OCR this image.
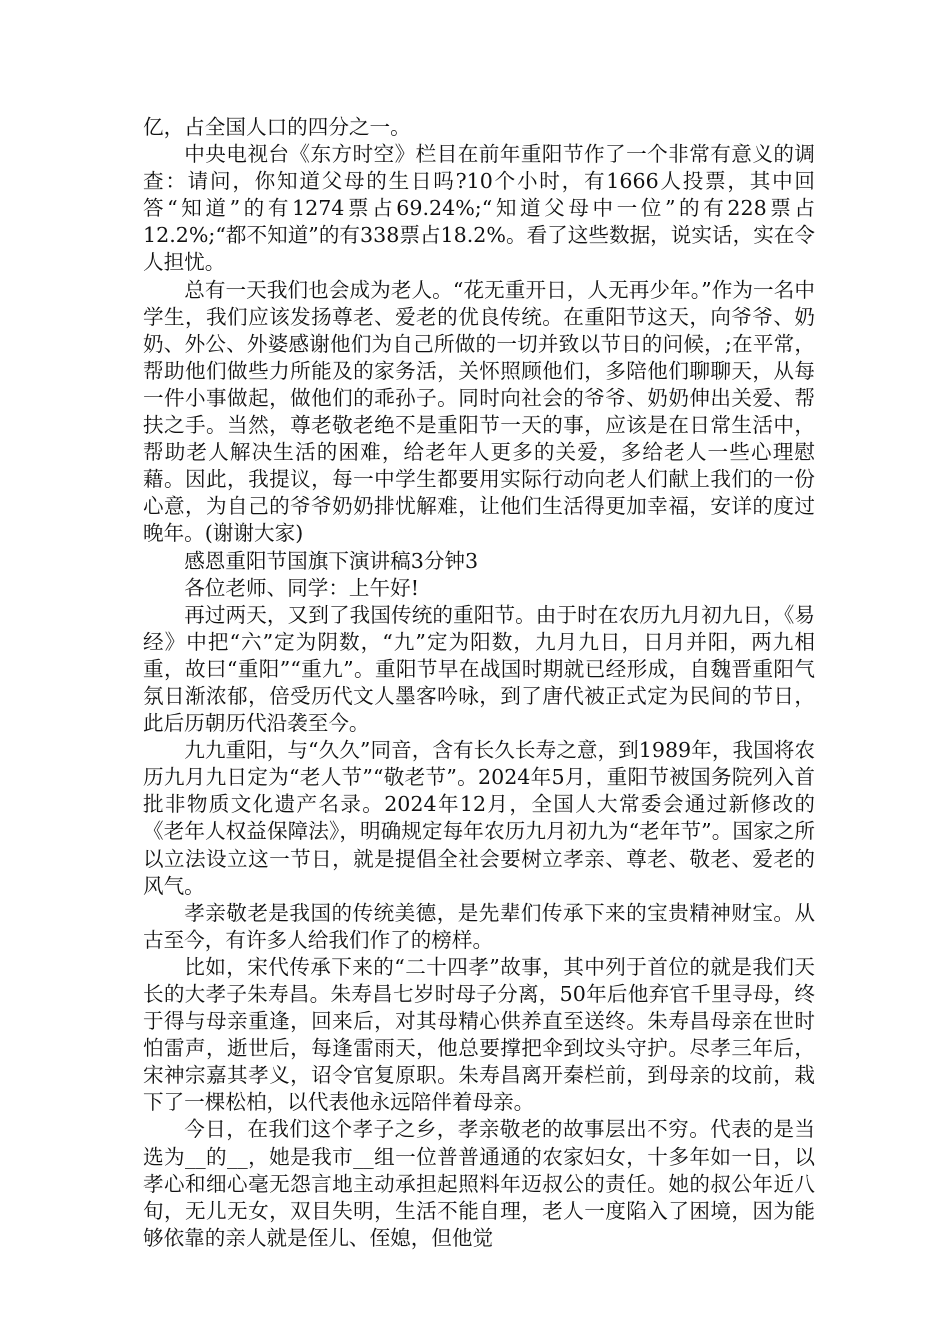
亿，占全国人口的四分之一。

中央电视台《东方时空》栏目在前年重阳节作了一个非常有意义的调查：请问，你知道父母的生日吗?10个小时，有1666人投票，其中回答“知道”的有1274票占69.24%;“知道父母中一位”的有228票占12.2%;“都不知道”的有338票占18.2%。看了这些数据，说实话，实在令人担忧。

总有一天我们也会成为老人。“花无重开日，人无再少年。”作为一名中学生，我们应该发扬尊老、爱老的优良传统。在重阳节这天，向爷爷、奶奶、外公、外婆感谢他们为自己所做的一切并致以节日的问候，;在平常，帮助他们做些力所能及的家务活，关怀照顾他们，多陪他们聊聊天，从每一件小事做起，做他们的乖孙子。同时向社会的爷爷、奶奶伸出关爱、帮扶之手。当然，尊老敬老绝不是重阳节一天的事，应该是在日常生活中，帮助老人解决生活的困难，给老年人更多的关爱，多给老人一些心理慰藉。因此，我提议，每一中学生都要用实际行动向老人们献上我们的一份心意，为自己的爷爷奶奶排忧解难，让他们生活得更加幸福，安详的度过晚年。(谢谢大家)

感恩重阳节国旗下演讲稿3分钟3

各位老师、同学：上午好!

再过两天，又到了我国传统的重阳节。由于时在农历九月初九日，《易经》中把“六”定为阴数，“九”定为阳数，九月九日，日月并阳，两九相重，故曰“重阳”“重九”。重阳节早在战国时期就已经形成，自魏晋重阳气氛日渐浓郁，倍受历代文人墨客吟咏，到了唐代被正式定为民间的节日，此后历朝历代沿袭至今。

九九重阳，与“久久”同音，含有长久长寿之意，到1989年，我国将农历九月九日定为“老人节”“敬老节”。2024年5月，重阳节被国务院列入首批非物质文化遗产名录。2024年12月，全国人大常委会通过新修改的《老年人权益保障法》，明确规定每年农历九月初九为“老年节”。国家之所以立法设立这一节日，就是提倡全社会要树立孝亲、尊老、敬老、爱老的风气。

孝亲敬老是我国的传统美德，是先辈们传承下来的宝贵精神财宝。从古至今，有许多人给我们作了的榜样。

比如，宋代传承下来的“二十四孝”故事，其中列于首位的就是我们天长的大孝子朱寿昌。朱寿昌七岁时母子分离，50年后他弃官千里寻母，终于得与母亲重逢，回来后，对其母精心供养直至送终。朱寿昌母亲在世时怕雷声，逝世后，每逢雷雨天，他总要撑把伞到坟头守护。尽孝三年后，宋神宗嘉其孝义，诏令官复原职。朱寿昌离开秦栏前，到母亲的坟前，栽下了一棵松柏，以代表他永远陪伴着母亲。

今日，在我们这个孝子之乡，孝亲敬老的故事层出不穷。代表的是当选为__的__，她是我市__组一位普普通通的农家妇女，十多年如一日，以孝心和细心毫无怨言地主动承担起照料年迈叔公的责任。她的叔公年近八旬，无儿无女，双目失明，生活不能自理，老人一度陷入了困境，因为能够依靠的亲人就是侄儿、侄媳，但他觉
